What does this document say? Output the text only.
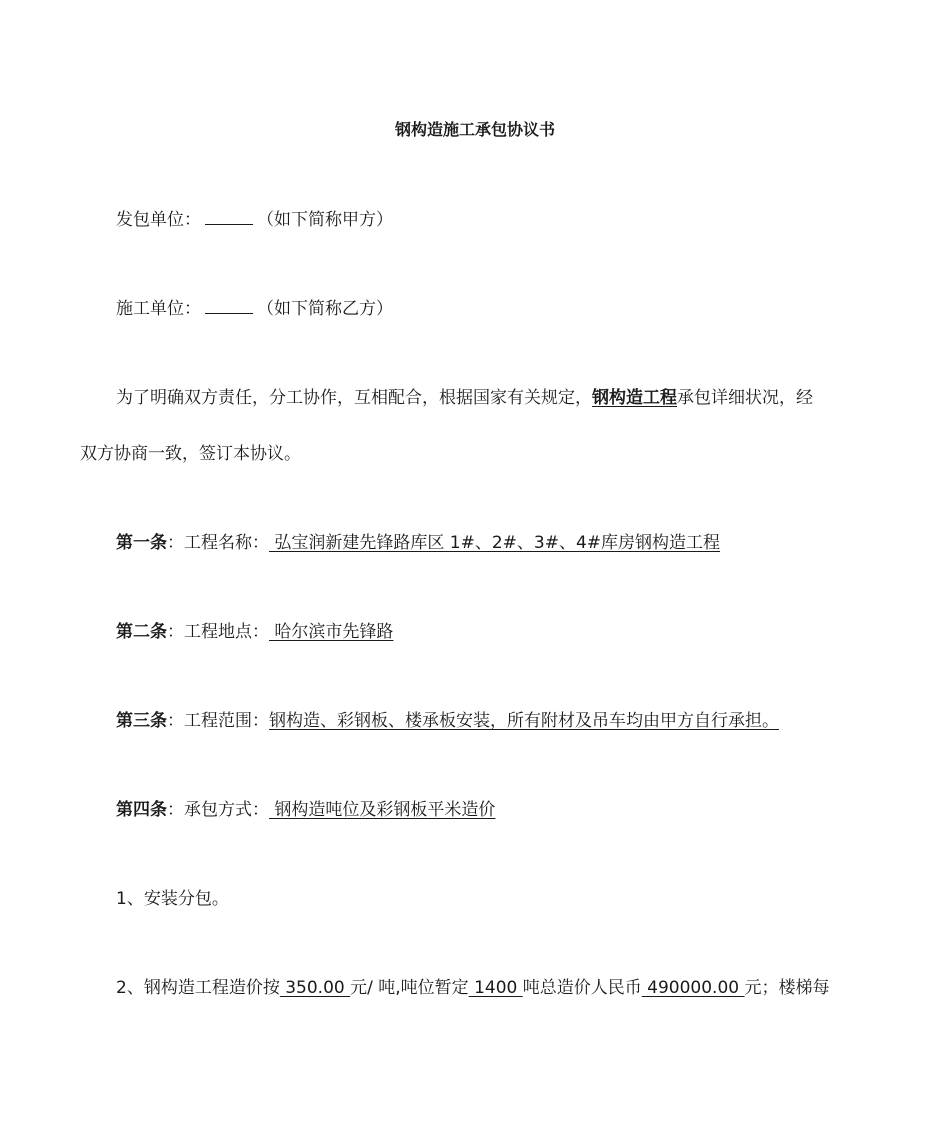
钢构造施工承包协议书
发包单位：	（如下简称甲方）
施工单位：	（如下简称乙方）
为了明确双方责任，分工协作，互相配合，根据国家有关规定，钢构造工程承包详细状况，经
双方协商一致，签订本协议。
第一条：工程名称： 弘宝润新建先锋路库区 1#、2#、3#、4#库房钢构造工程
第二条：工程地点： 哈尔滨市先锋路
第三条：工程范围：钢构造、彩钢板、楼承板安装，所有附材及吊车均由甲方自行承担。
第四条：承包方式： 钢构造吨位及彩钢板平米造价
1、安装分包。
2、钢构造工程造价按 350.00 元/ 吨,吨位暂定 1400 吨总造价人民币 490000.00 元；楼梯每
